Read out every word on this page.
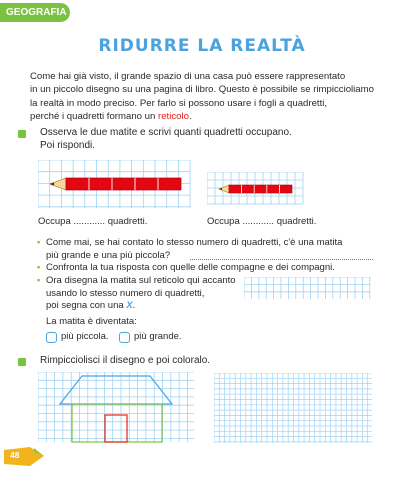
GEOGRAFIA
RIDURRE LA REALTÀ
Come hai già visto, il grande spazio di una casa può essere rappresentato
in un piccolo disegno su una pagina di libro. Questo è possibile se rimpiccioliamo
la realtà in modo preciso. Per farlo si possono usare i fogli a quadretti,
perché i quadretti formano un reticolo.
Osserva le due matite e scrivi quanti quadretti occupano.
Poi rispondi.
Occupa ............ quadretti.	Occupa ............ quadretti.
• Come mai, se hai contato lo stesso numero di quadretti, c'è una matita
più grande e una più piccola?
• Confronta la tua risposta con quelle delle compagne e dei compagni.
• Ora disegna la matita sul reticolo qui accanto
usando lo stesso numero di quadretti,
poi segna con una X.
La matita è diventata:
più piccola.	più grande.
Rimpicciolisci il disegno e poi coloralo.
48
